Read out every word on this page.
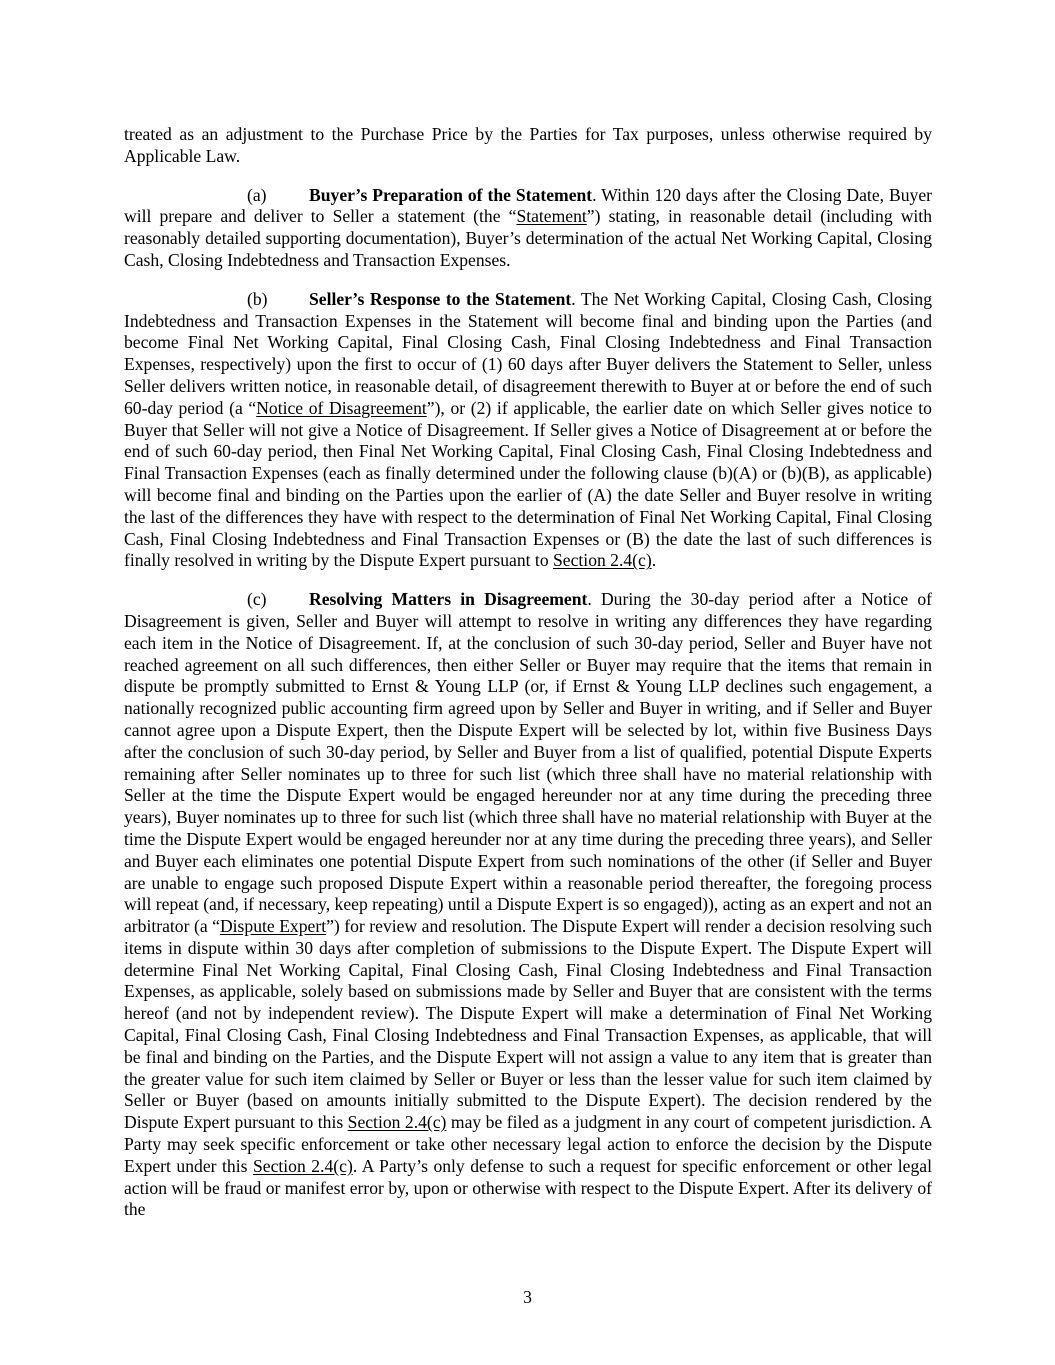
treated as an adjustment to the Purchase Price by the Parties for Tax purposes, unless otherwise required by Applicable Law.

(a) Buyer’s Preparation of the Statement. Within 120 days after the Closing Date, Buyer will prepare and deliver to Seller a statement (the “Statement”) stating, in reasonable detail (including with reasonably detailed supporting documentation), Buyer’s determination of the actual Net Working Capital, Closing Cash, Closing Indebtedness and Transaction Expenses.

(b) Seller’s Response to the Statement. The Net Working Capital, Closing Cash, Closing Indebtedness and Transaction Expenses in the Statement will become final and binding upon the Parties (and become Final Net Working Capital, Final Closing Cash, Final Closing Indebtedness and Final Transaction Expenses, respectively) upon the first to occur of (1) 60 days after Buyer delivers the Statement to Seller, unless Seller delivers written notice, in reasonable detail, of disagreement therewith to Buyer at or before the end of such 60-day period (a “Notice of Disagreement”), or (2) if applicable, the earlier date on which Seller gives notice to Buyer that Seller will not give a Notice of Disagreement. If Seller gives a Notice of Disagreement at or before the end of such 60-day period, then Final Net Working Capital, Final Closing Cash, Final Closing Indebtedness and Final Transaction Expenses (each as finally determined under the following clause (b)(A) or (b)(B), as applicable) will become final and binding on the Parties upon the earlier of (A) the date Seller and Buyer resolve in writing the last of the differences they have with respect to the determination of Final Net Working Capital, Final Closing Cash, Final Closing Indebtedness and Final Transaction Expenses or (B) the date the last of such differences is finally resolved in writing by the Dispute Expert pursuant to Section 2.4(c).

(c) Resolving Matters in Disagreement. During the 30-day period after a Notice of Disagreement is given, Seller and Buyer will attempt to resolve in writing any differences they have regarding each item in the Notice of Disagreement. If, at the conclusion of such 30-day period, Seller and Buyer have not reached agreement on all such differences, then either Seller or Buyer may require that the items that remain in dispute be promptly submitted to Ernst & Young LLP (or, if Ernst & Young LLP declines such engagement, a nationally recognized public accounting firm agreed upon by Seller and Buyer in writing, and if Seller and Buyer cannot agree upon a Dispute Expert, then the Dispute Expert will be selected by lot, within five Business Days after the conclusion of such 30-day period, by Seller and Buyer from a list of qualified, potential Dispute Experts remaining after Seller nominates up to three for such list (which three shall have no material relationship with Seller at the time the Dispute Expert would be engaged hereunder nor at any time during the preceding three years), Buyer nominates up to three for such list (which three shall have no material relationship with Buyer at the time the Dispute Expert would be engaged hereunder nor at any time during the preceding three years), and Seller and Buyer each eliminates one potential Dispute Expert from such nominations of the other (if Seller and Buyer are unable to engage such proposed Dispute Expert within a reasonable period thereafter, the foregoing process will repeat (and, if necessary, keep repeating) until a Dispute Expert is so engaged)), acting as an expert and not an arbitrator (a “Dispute Expert”) for review and resolution. The Dispute Expert will render a decision resolving such items in dispute within 30 days after completion of submissions to the Dispute Expert. The Dispute Expert will determine Final Net Working Capital, Final Closing Cash, Final Closing Indebtedness and Final Transaction Expenses, as applicable, solely based on submissions made by Seller and Buyer that are consistent with the terms hereof (and not by independent review). The Dispute Expert will make a determination of Final Net Working Capital, Final Closing Cash, Final Closing Indebtedness and Final Transaction Expenses, as applicable, that will be final and binding on the Parties, and the Dispute Expert will not assign a value to any item that is greater than the greater value for such item claimed by Seller or Buyer or less than the lesser value for such item claimed by Seller or Buyer (based on amounts initially submitted to the Dispute Expert). The decision rendered by the Dispute Expert pursuant to this Section 2.4(c) may be filed as a judgment in any court of competent jurisdiction. A Party may seek specific enforcement or take other necessary legal action to enforce the decision by the Dispute Expert under this Section 2.4(c). A Party’s only defense to such a request for specific enforcement or other legal action will be fraud or manifest error by, upon or otherwise with respect to the Dispute Expert. After its delivery of the

3
